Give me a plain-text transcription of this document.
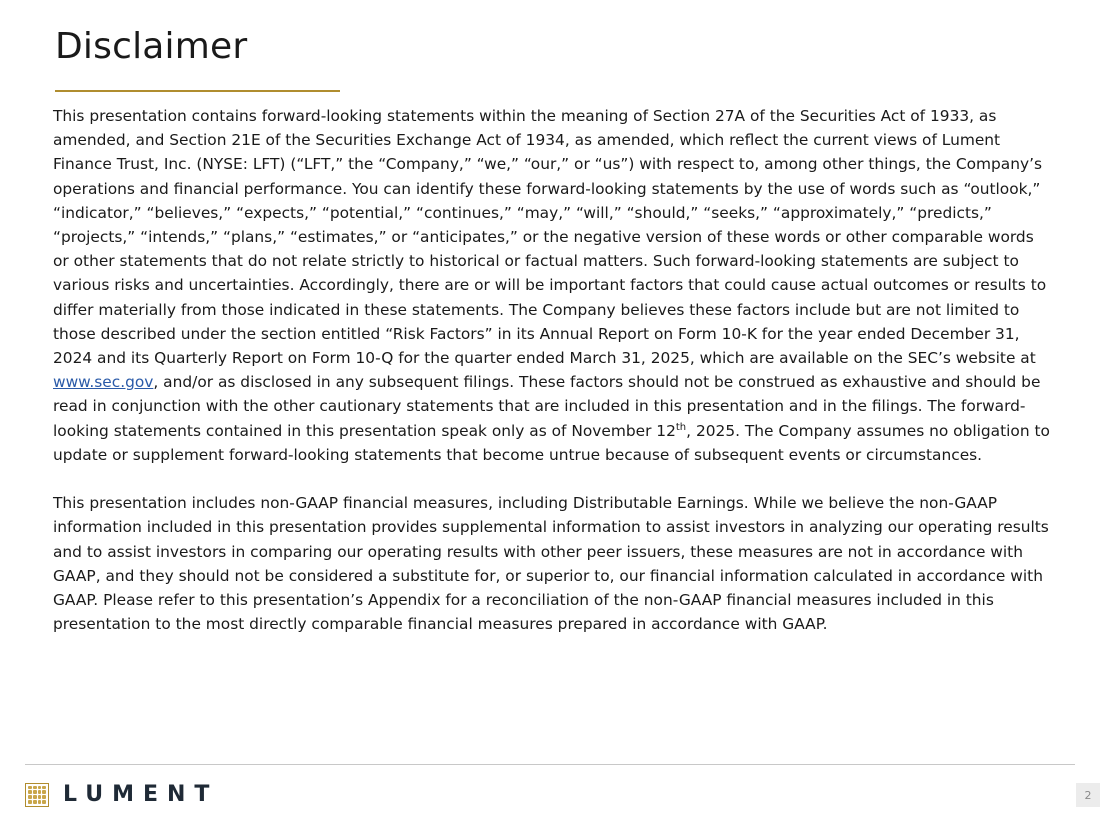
Disclaimer

This presentation contains forward-looking statements within the meaning of Section 27A of the Securities Act of 1933, as amended, and Section 21E of the Securities Exchange Act of 1934, as amended, which reflect the current views of Lument Finance Trust, Inc. (NYSE: LFT) (“LFT,” the “Company,” “we,” “our,” or “us”) with respect to, among other things, the Company’s operations and financial performance. You can identify these forward-looking statements by the use of words such as “outlook,” “indicator,” “believes,” “expects,” “potential,” “continues,” “may,” “will,” “should,” “seeks,” “approximately,” “predicts,” “projects,” “intends,” “plans,” “estimates,” or “anticipates,” or the negative version of these words or other comparable words or other statements that do not relate strictly to historical or factual matters. Such forward-looking statements are subject to various risks and uncertainties. Accordingly, there are or will be important factors that could cause actual outcomes or results to differ materially from those indicated in these statements. The Company believes these factors include but are not limited to those described under the section entitled “Risk Factors” in its Annual Report on Form 10-K for the year ended December 31, 2024 and its Quarterly Report on Form 10-Q for the quarter ended March 31, 2025, which are available on the SEC’s website at www.sec.gov, and/or as disclosed in any subsequent filings. These factors should not be construed as exhaustive and should be read in conjunction with the other cautionary statements that are included in this presentation and in the filings. The forward-looking statements contained in this presentation speak only as of November 12th, 2025. The Company assumes no obligation to update or supplement forward-looking statements that become untrue because of subsequent events or circumstances.

This presentation includes non-GAAP financial measures, including Distributable Earnings. While we believe the non-GAAP information included in this presentation provides supplemental information to assist investors in analyzing our operating results and to assist investors in comparing our operating results with other peer issuers, these measures are not in accordance with GAAP, and they should not be considered a substitute for, or superior to, our financial information calculated in accordance with GAAP. Please refer to this presentation’s Appendix for a reconciliation of the non-GAAP financial measures included in this presentation to the most directly comparable financial measures prepared in accordance with GAAP.

LUMENT	2
